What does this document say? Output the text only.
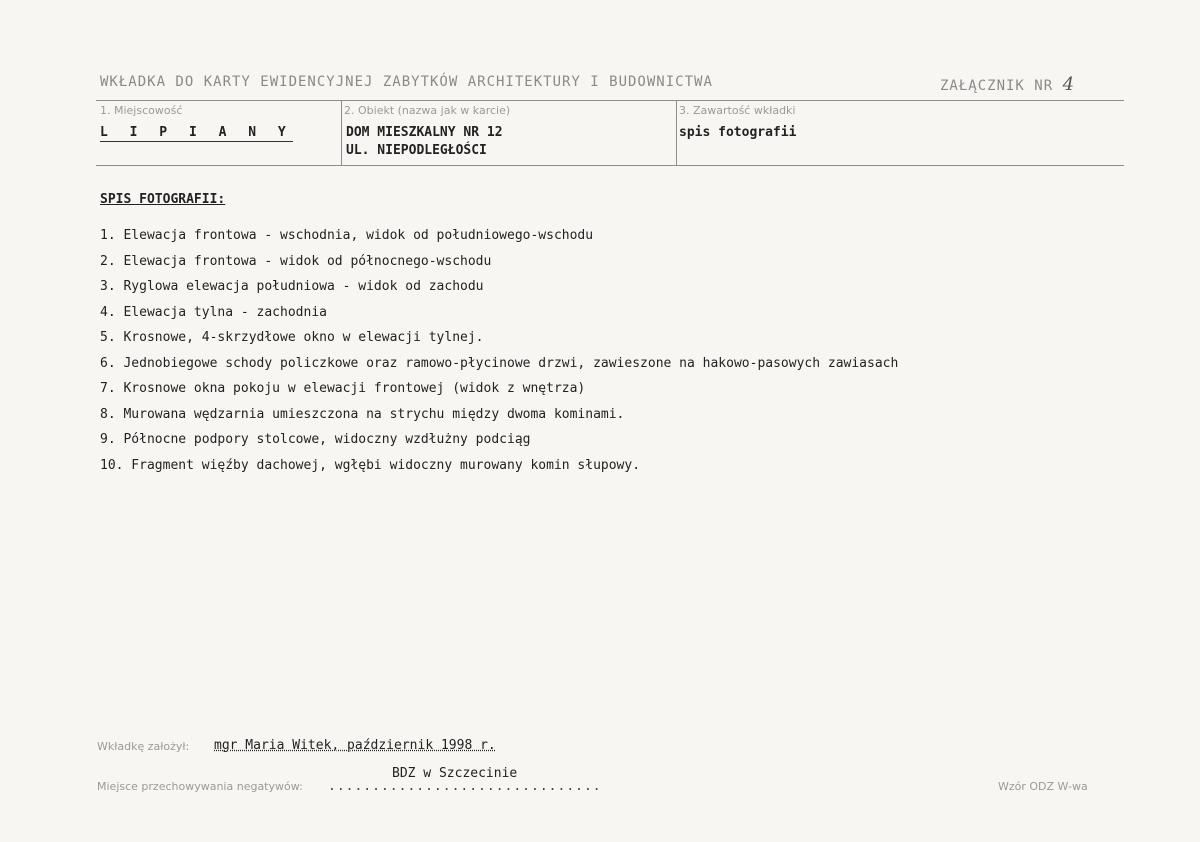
WKŁADKA DO KARTY EWIDENCYJNEJ ZABYTKÓW ARCHITEKTURY I BUDOWNICTWA	ZAŁĄCZNIK NR 4
1. Miejscowość
L I P I A N Y
2. Obiekt (nazwa jak w karcie)
DOM MIESZKALNY NR 12
UL. NIEPODLEGŁOŚCI
3. Zawartość wkładki
spis fotografii
SPIS FOTOGRAFII:
1. Elewacja frontowa - wschodnia, widok od południowego-wschodu
2. Elewacja frontowa - widok od północnego-wschodu
3. Ryglowa elewacja południowa - widok od zachodu
4. Elewacja tylna - zachodnia
5. Krosnowe, 4-skrzydłowe okno w elewacji tylnej.
6. Jednobiegowe schody policzkowe oraz ramowo-płycinowe drzwi, zawieszone na hakowo-pasowych zawiasach
7. Krosnowe okna pokoju w elewacji frontowej (widok z wnętrza)
8. Murowana wędzarnia umieszczona na strychu między dwoma kominami.
9. Północne podpory stolcowe, widoczny wzdłużny podciąg
10. Fragment więźby dachowej, wgłębi widoczny murowany komin słupowy.
Wkładkę założył: mgr Maria Witek, październik 1998 r.
BDZ w Szczecinie
Miejsce przechowywania negatywów: ...............................	Wzór ODZ W-wa
